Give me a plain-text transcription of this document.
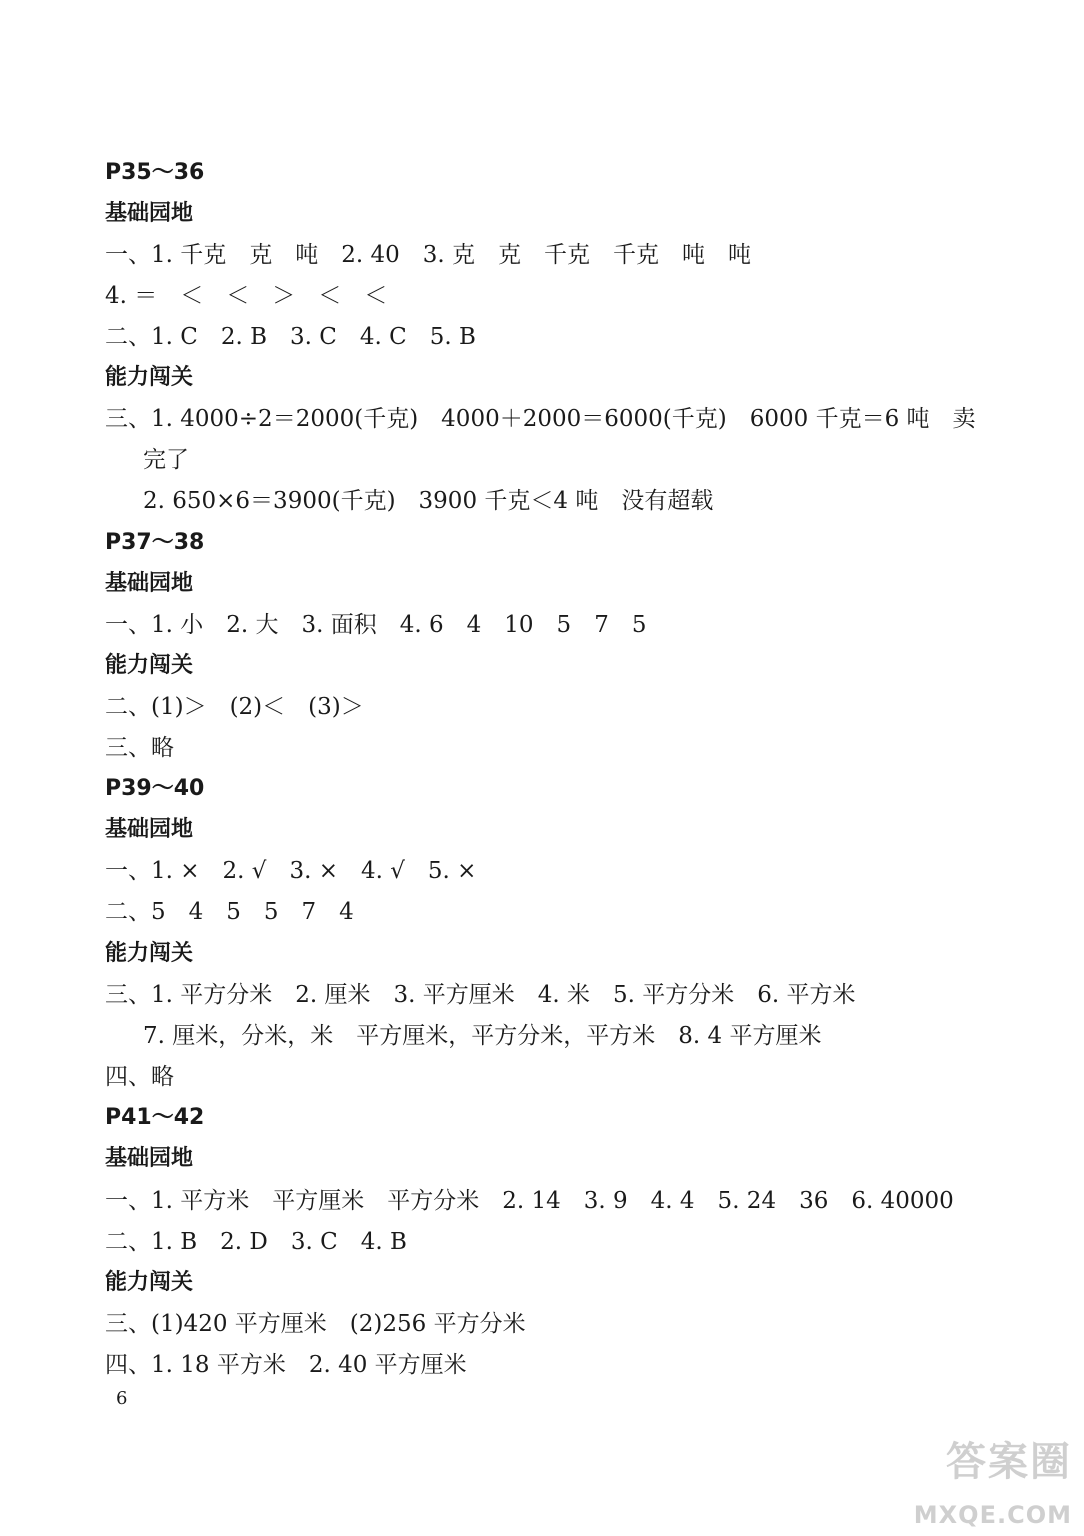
P35～36
基础园地
一、1. 千克　克　吨　2. 40　3. 克　克　千克　千克　吨　吨
4. ＝　＜　＜　＞　＜　＜
二、1. C　2. B　3. C　4. C　5. B
能力闯关
三、1. 4000÷2＝2000(千克)　4000＋2000＝6000(千克)　6000 千克＝6 吨　卖
完了
2. 650×6＝3900(千克)　3900 千克＜4 吨　没有超载
P37～38
基础园地
一、1. 小　2. 大　3. 面积　4. 6　4　10　5　7　5
能力闯关
二、(1)＞　(2)＜　(3)＞
三、略
P39～40
基础园地
一、1. ×　2. √　3. ×　4. √　5. ×
二、5　4　5　5　7　4
能力闯关
三、1. 平方分米　2. 厘米　3. 平方厘米　4. 米　5. 平方分米　6. 平方米
7. 厘米，分米，米　平方厘米，平方分米，平方米　8. 4 平方厘米
四、略
P41～42
基础园地
一、1. 平方米　平方厘米　平方分米　2. 14　3. 9　4. 4　5. 24　36　6. 40000
二、1. B　2. D　3. C　4. B
能力闯关
三、(1)420 平方厘米　(2)256 平方分米
四、1. 18 平方米　2. 40 平方厘米
6
答案圈
MXQE.COM
